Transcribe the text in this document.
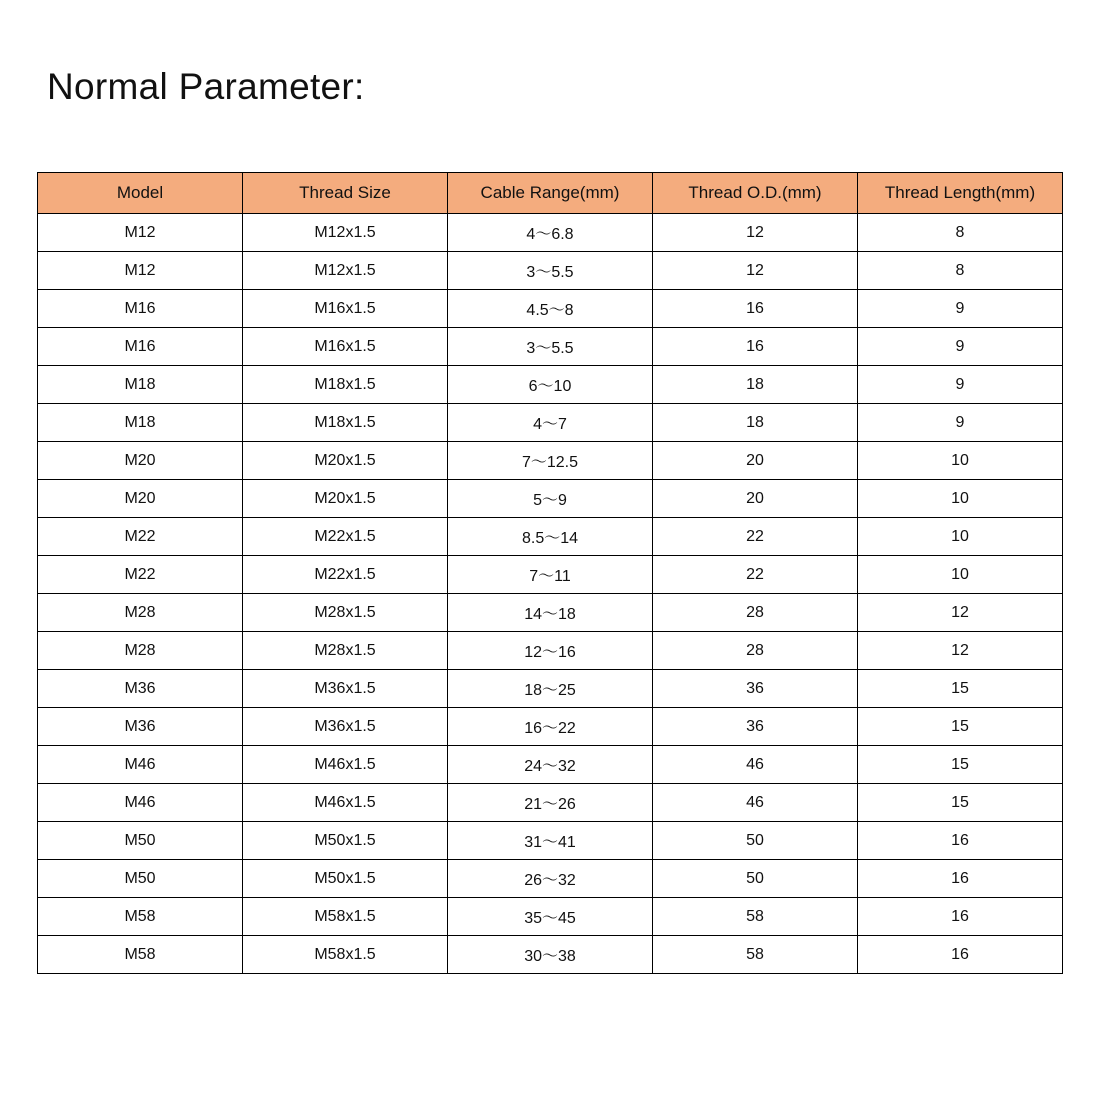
Normal Parameter:
Model	Thread Size	Cable Range(mm)	Thread O.D.(mm)	Thread Length(mm)
M12	M12x1.5	4～6.8	12	8
M12	M12x1.5	3～5.5	12	8
M16	M16x1.5	4.5～8	16	9
M16	M16x1.5	3～5.5	16	9
M18	M18x1.5	6～10	18	9
M18	M18x1.5	4～7	18	9
M20	M20x1.5	7～12.5	20	10
M20	M20x1.5	5～9	20	10
M22	M22x1.5	8.5～14	22	10
M22	M22x1.5	7～11	22	10
M28	M28x1.5	14～18	28	12
M28	M28x1.5	12～16	28	12
M36	M36x1.5	18～25	36	15
M36	M36x1.5	16～22	36	15
M46	M46x1.5	24～32	46	15
M46	M46x1.5	21～26	46	15
M50	M50x1.5	31～41	50	16
M50	M50x1.5	26～32	50	16
M58	M58x1.5	35～45	58	16
M58	M58x1.5	30～38	58	16
